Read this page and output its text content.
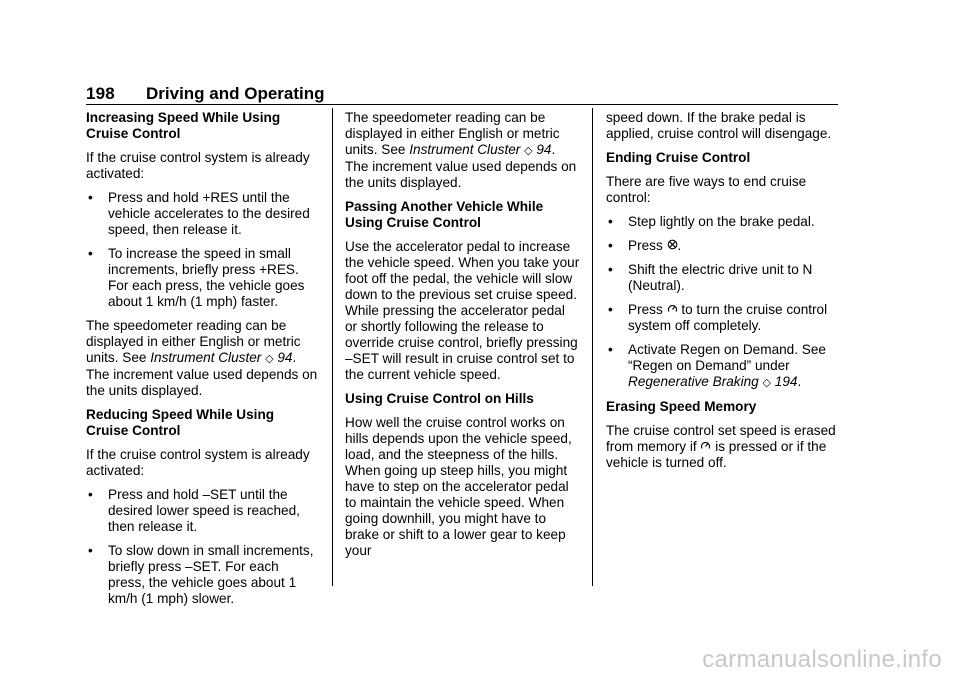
198 Driving and Operating
Increasing Speed While Using Cruise Control

If the cruise control system is already activated:

• Press and hold +RES until the vehicle accelerates to the desired speed, then release it.
• To increase the speed in small increments, briefly press +RES. For each press, the vehicle goes about 1 km/h (1 mph) faster.

The speedometer reading can be displayed in either English or metric units. See Instrument Cluster ◇ 94. The increment value used depends on the units displayed.

Reducing Speed While Using Cruise Control

If the cruise control system is already activated:

• Press and hold –SET until the desired lower speed is reached, then release it.
• To slow down in small increments, briefly press –SET. For each press, the vehicle goes about 1 km/h (1 mph) slower.

The speedometer reading can be displayed in either English or metric units. See Instrument Cluster ◇ 94. The increment value used depends on the units displayed.

Passing Another Vehicle While Using Cruise Control

Use the accelerator pedal to increase the vehicle speed. When you take your foot off the pedal, the vehicle will slow down to the previous set cruise speed. While pressing the accelerator pedal or shortly following the release to override cruise control, briefly pressing –SET will result in cruise control set to the current vehicle speed.

Using Cruise Control on Hills

How well the cruise control works on hills depends upon the vehicle speed, load, and the steepness of the hills. When going up steep hills, you might have to step on the accelerator pedal to maintain the vehicle speed. When going downhill, you might have to brake or shift to a lower gear to keep your

speed down. If the brake pedal is applied, cruise control will disengage.

Ending Cruise Control

There are five ways to end cruise control:

• Step lightly on the brake pedal.
• Press .
• Shift the electric drive unit to N (Neutral).
• Press to turn the cruise control system off completely.
• Activate Regen on Demand. See “Regen on Demand” under Regenerative Braking ◇ 194.
Erasing Speed Memory

The cruise control set speed is erased from memory if is pressed or if the vehicle is turned off.

carmanualsonline.info
